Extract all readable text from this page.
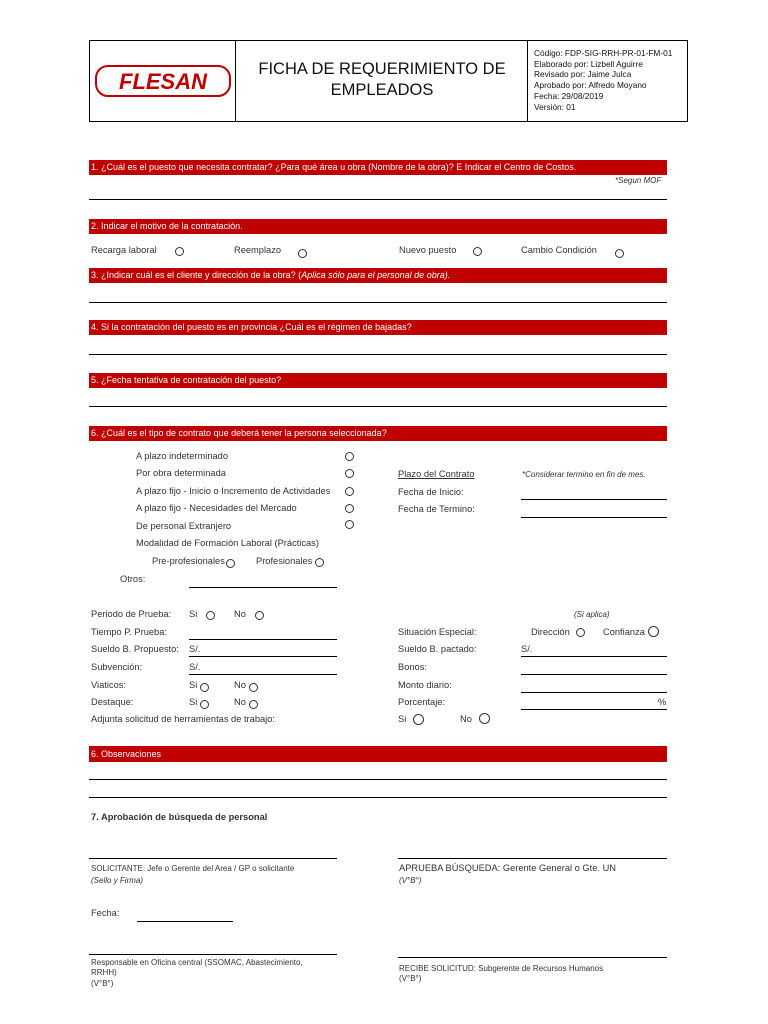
FLESAN	FICHA DE REQUERIMIENTO DE
EMPLEADOS
Código: FDP-SIG-RRH-PR-01-FM-01
Elaborado por: Lizbell Aguirre
Revisado por: Jaime Julca
Aprobado por: Alfredo Moyano
Fecha: 29/08/2019
Versión: 01
1. ¿Cuál es el puesto que necesita contratar? ¿Para qué área u obra (Nombre de la obra)? E Indicar el Centro de Costos.
*Segun MOF
2. Indicar el motivo de la contratación.
Recarga laboral	Reemplazo	Nuevo puesto	Cambio Condición
3. ¿Indicar cuál es el cliente y dirección de la obra? (Aplica sólo para el personal de obra).
4. Si la contratación del puesto es en provincia ¿Cuál es el régimen de bajadas?
5. ¿Fecha tentativa de contratación del puesto?
6. ¿Cuál es el tipo de contrato que deberá tener la persona seleccionada?
A plazo indeterminado
Por obra determinada
A plazo fijo - Inicio o Incremento de Actividades
A plazo fijo - Necesidades del Mercado
De personal Extranjero
Modalidad de Formación Laboral (Prácticas)
Pre-profesionales	Profesionales
Otros:
Plazo del Contrato	*Considerar termino en fin de mes.
Fecha de Inicio:
Fecha de Termino:
Periodo de Prueba: Si	No	(Si aplica)
Tiempo P. Prueba:	Situación Especial:	Dirección	Confianza
Sueldo B. Propuesto: S/.	Sueldo B. pactado:	S/.
Subvención:	S/.	Bonos:
Viaticos:	Si	No	Monto diario:
Destaque:	Si	No	Porcentaje:	%
Adjunta solicitud de herramientas de trabajo:	Si	No
6. Observaciones
7. Aprobación de búsqueda de personal
SOLICITANTE: Jefe o Gerente del Area / GP o solicitante
(Sello y Firma)
APRUEBA BÚSQUEDA: Gerente General o Gte. UN
(V°B°)
Fecha:
Responsable en Oficina central (SSOMAC, Abastecimiento,
RRHH)
(V°B°)
RECIBE SOLICITUD: Subgerente de Recursos Humanos
(V°B°)
